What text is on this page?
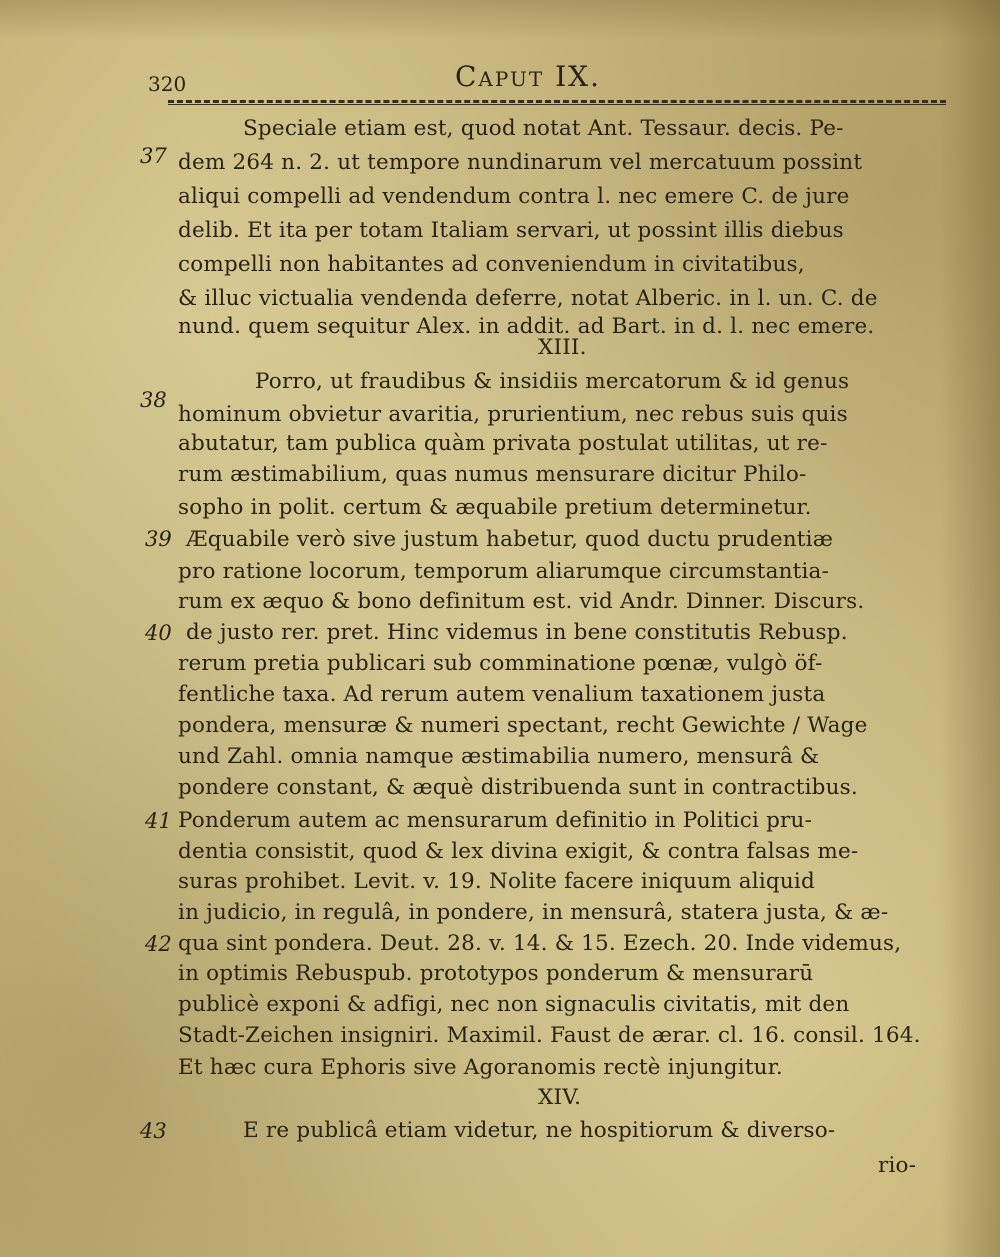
320	Caput IX.
Speciale etiam est, quod notat Ant. Tessaur. decis. Pe-
dem 264 n. 2. ut tempore nundinarum vel mercatuum possint
aliqui compelli ad vendendum contra l. nec emere C. de jure
delib. Et ita per totam Italiam servari, ut possint illis diebus
compelli non habitantes ad conveniendum in civitatibus,
& illuc victualia vendenda deferre, notat Alberic. in l. un. C. de
nund. quem sequitur Alex. in addit. ad Bart. in d. l. nec emere.
XIII.
Porro, ut fraudibus & insidiis mercatorum & id genus
hominum obvietur avaritia, prurientium, nec rebus suis quis
abutatur, tam publica quàm privata postulat utilitas, ut re-
rum æstimabilium, quas numus mensurare dicitur Philo-
sopho in polit. certum & æquabile pretium determinetur.
Æquabile verò sive justum habetur, quod ductu prudentiæ
pro ratione locorum, temporum aliarumque circumstantia-
rum ex æquo & bono definitum est. vid Andr. Dinner. Discurs.
de justo rer. pret. Hinc videmus in bene constitutis Rebusp.
rerum pretia publicari sub comminatione pœnæ, vulgò öf-
fentliche taxa. Ad rerum autem venalium taxationem justa
pondera, mensuræ & numeri spectant, recht Gewichte / Wage
und Zahl. omnia namque æstimabilia numero, mensurâ &
pondere constant, & æquè distribuenda sunt in contractibus.
Ponderum autem ac mensurarum definitio in Politici pru-
dentia consistit, quod & lex divina exigit, & contra falsas me-
suras prohibet. Levit. v. 19. Nolite facere iniquum aliquid
in judicio, in regulâ, in pondere, in mensurâ, statera justa, & æ-
qua sint pondera. Deut. 28. v. 14. & 15. Ezech. 20. Inde videmus,
in optimis Rebuspub. prototypos ponderum & mensurarū
publicè exponi & adfigi, nec non signaculis civitatis, mit den
Stadt-Zeichen insigniri. Maximil. Faust de ærar. cl. 16. consil. 164.
Et hæc cura Ephoris sive Agoranomis rectè injungitur.
XIV.
E re publicâ etiam videtur, ne hospitiorum & diverso-
rio-
37
38
39
40
41
42
43
